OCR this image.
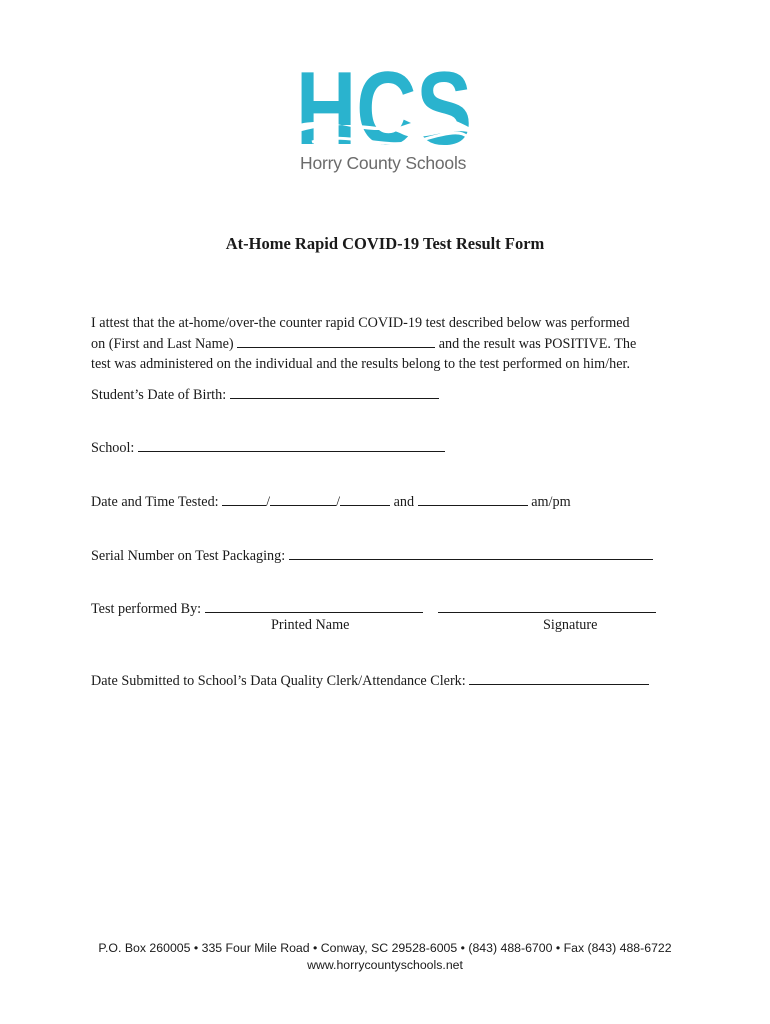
HCS
Horry County Schools
At-Home Rapid COVID-19 Test Result Form
I attest that the at-home/over-the counter rapid COVID-19 test described below was performed
on (First and Last Name)	and the result was POSITIVE. The
test was administered on the individual and the results belong to the test performed on him/her.
Student’s Date of Birth:
School:
Date and Time Tested:	/	/	and	am/pm
Serial Number on Test Packaging:
Test performed By:
Printed Name	Signature
Date Submitted to School’s Data Quality Clerk/Attendance Clerk:
P.O. Box 260005 • 335 Four Mile Road • Conway, SC 29528-6005 • (843) 488-6700 • Fax (843) 488-6722
www.horrycountyschools.net
